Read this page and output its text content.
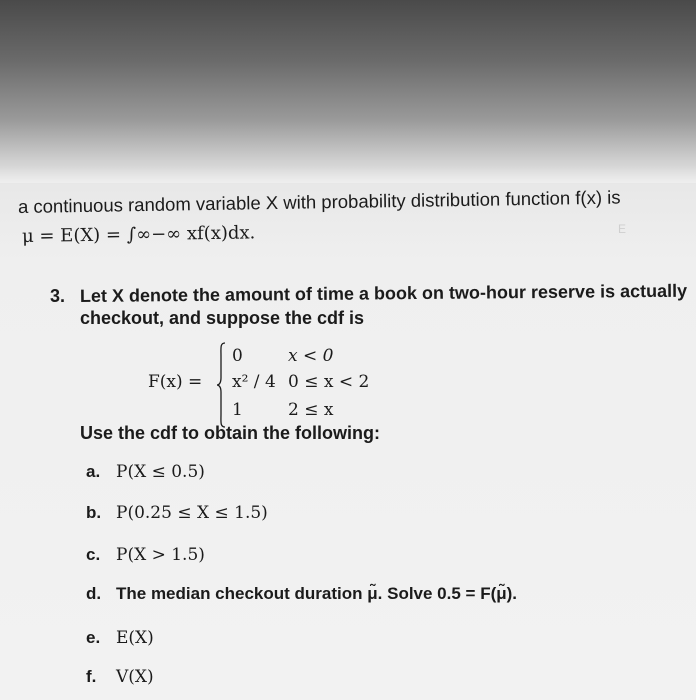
Ǝ
a continuous random variable X with probability distribution function f(x) is
μ = E(X) = ∫∞−∞ xf(x)dx.
3. Let X denote the amount of time a book on two-hour reserve is actually
checkout, and suppose the cdf is
F(x) =
0	x < 0
x² / 4 0 ≤ x < 2
1	2 ≤ x
Use the cdf to obtain the following:
a. P(X ≤ 0.5)
b. P(0.25 ≤ X ≤ 1.5)
c. P(X > 1.5)
d. The median checkout duration μ̃. Solve 0.5 = F(μ̃).
e. E(X)
f. V(X)
